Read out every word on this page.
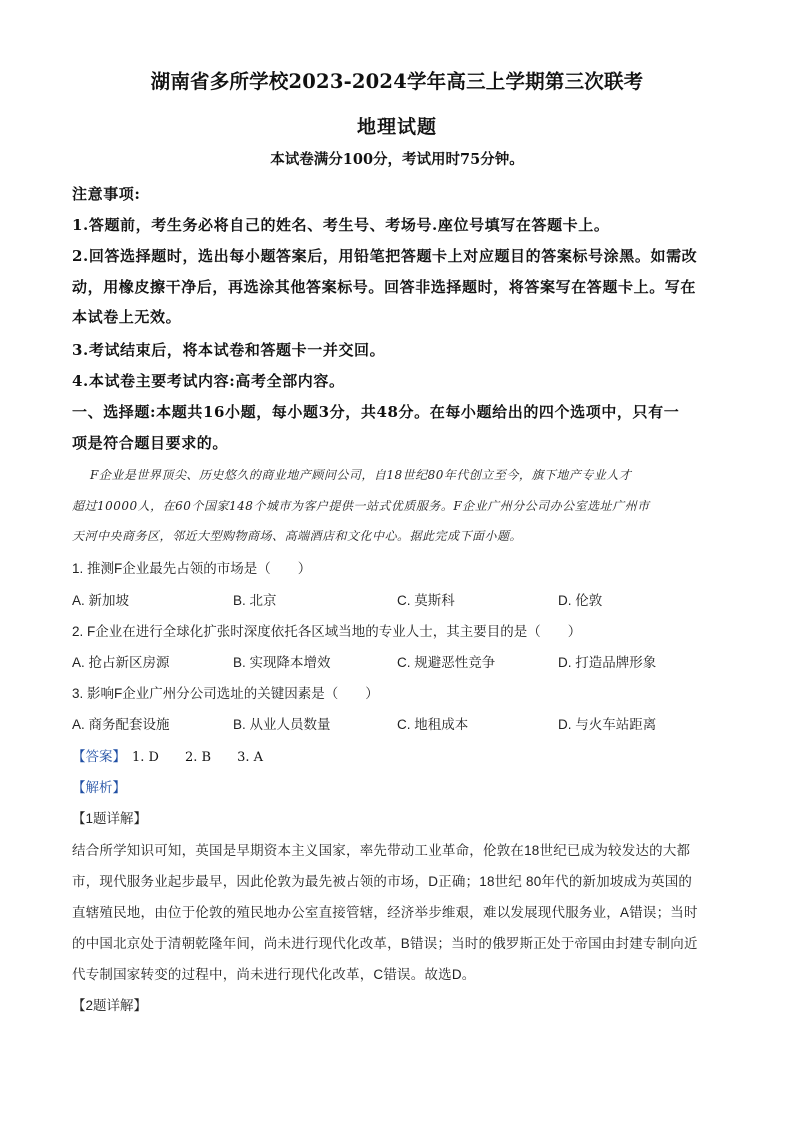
湖南省多所学校2023-2024学年高三上学期第三次联考
地理试题
本试卷满分100分，考试用时75分钟。
注意事项:
1.答题前，考生务必将自己的姓名、考生号、考场号.座位号填写在答题卡上。
2.回答选择题时，选出每小题答案后，用铅笔把答题卡上对应题目的答案标号涂黑。如需改
动，用橡皮擦干净后，再选涂其他答案标号。回答非选择题时，将答案写在答题卡上。写在
本试卷上无效。
3.考试结束后，将本试卷和答题卡一并交回。
4.本试卷主要考试内容:高考全部内容。
一、选择题:本题共16小题，每小题3分，共48分。在每小题给出的四个选项中，只有一
项是符合题目要求的。
F企业是世界顶尖、历史悠久的商业地产顾问公司，自18世纪80年代创立至今，旗下地产专业人才
超过10000人，在60个国家148个城市为客户提供一站式优质服务。F企业广州分公司办公室选址广州市
天河中央商务区，邻近大型购物商场、高端酒店和文化中心。据此完成下面小题。
1. 推测F企业最先占领的市场是（　　）
A. 新加坡	B. 北京	C. 莫斯科	D. 伦敦
2. F企业在进行全球化扩张时深度依托各区域当地的专业人士，其主要目的是（　　）
A. 抢占新区房源	B. 实现降本增效	C. 规避恶性竞争	D. 打造品牌形象
3. 影响F企业广州分公司选址的关键因素是（　　）
A. 商务配套设施	B. 从业人员数量	C. 地租成本	D. 与火车站距离
【答案】 1. D 2. B 3. A
【解析】
【1题详解】
结合所学知识可知，英国是早期资本主义国家，率先带动工业革命，伦敦在18世纪已成为较发达的大都
市，现代服务业起步最早，因此伦敦为最先被占领的市场，D正确；18世纪 80年代的新加坡成为英国的
直辖殖民地，由位于伦敦的殖民地办公室直接管辖，经济举步维艰，难以发展现代服务业，A错误；当时
的中国北京处于清朝乾隆年间，尚未进行现代化改革，B错误；当时的俄罗斯正处于帝国由封建专制向近
代专制国家转变的过程中，尚未进行现代化改革，C错误。故选D。
【2题详解】
